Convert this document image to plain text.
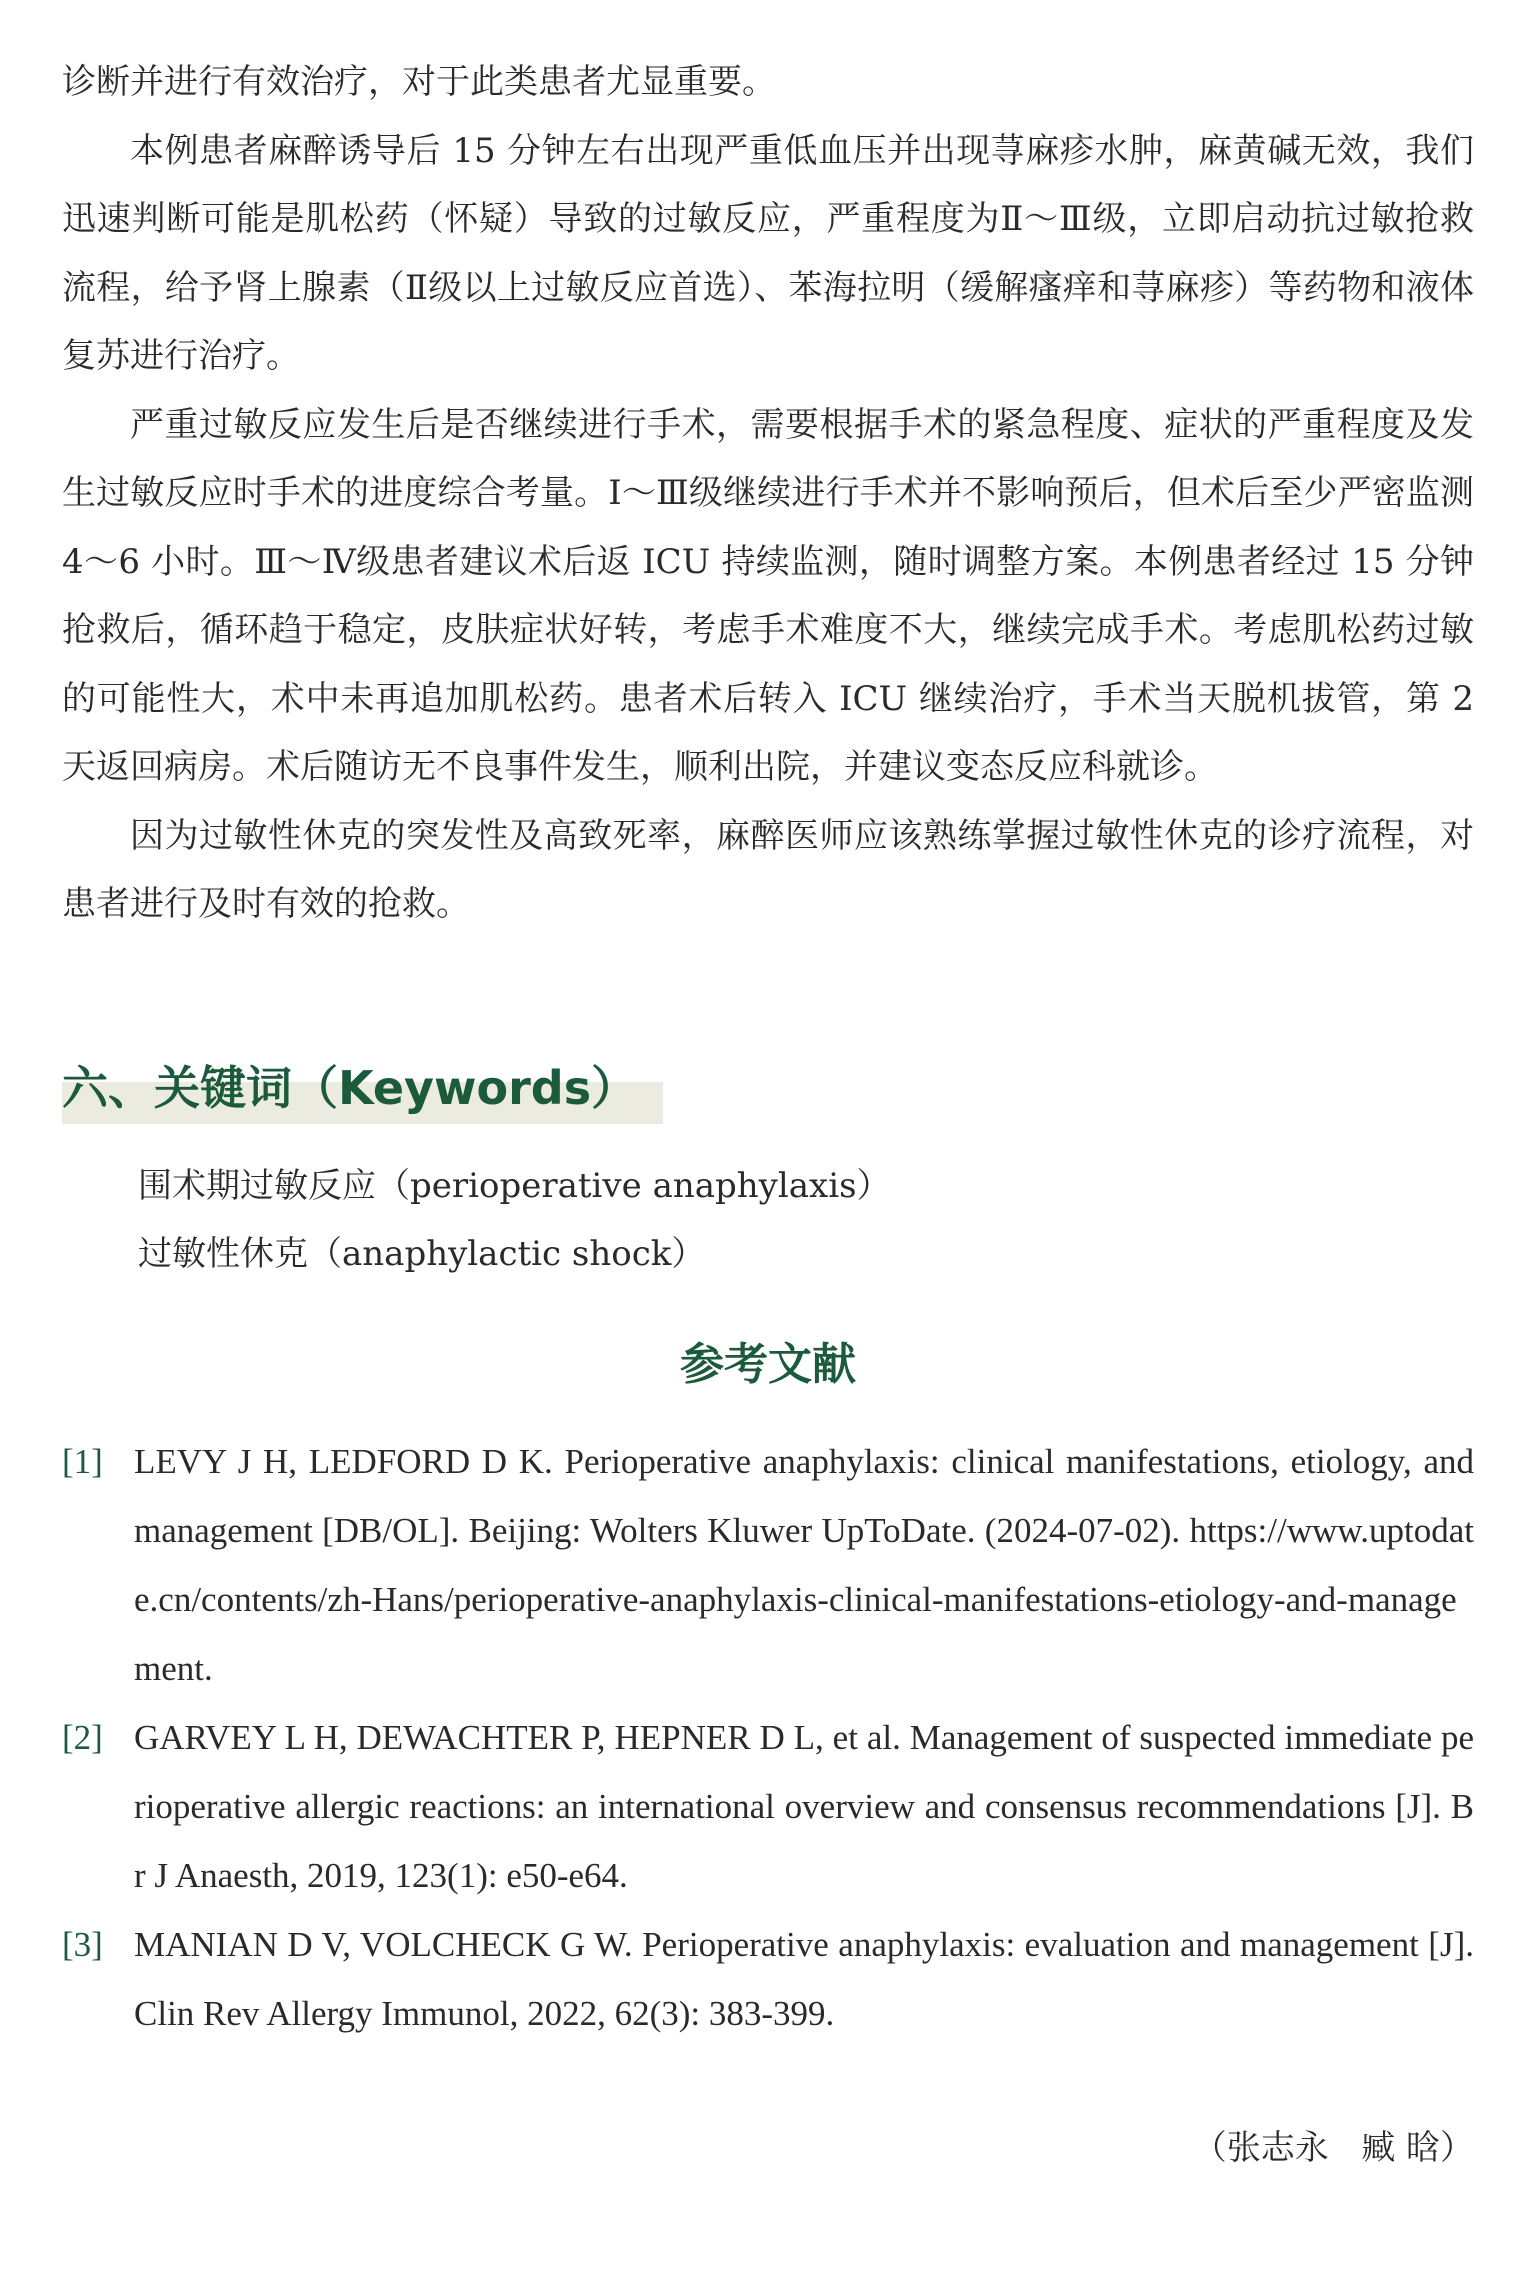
诊断并进行有效治疗，对于此类患者尤显重要。

本例患者麻醉诱导后 15 分钟左右出现严重低血压并出现荨麻疹水肿，麻黄碱无效，我们迅速判断可能是肌松药（怀疑）导致的过敏反应，严重程度为Ⅱ～Ⅲ级，立即启动抗过敏抢救流程，给予肾上腺素（Ⅱ级以上过敏反应首选）、苯海拉明（缓解瘙痒和荨麻疹）等药物和液体复苏进行治疗。

严重过敏反应发生后是否继续进行手术，需要根据手术的紧急程度、症状的严重程度及发生过敏反应时手术的进度综合考量。Ⅰ～Ⅲ级继续进行手术并不影响预后，但术后至少严密监测 4～6 小时。Ⅲ～Ⅳ级患者建议术后返 ICU 持续监测，随时调整方案。本例患者经过 15 分钟抢救后，循环趋于稳定，皮肤症状好转，考虑手术难度不大，继续完成手术。考虑肌松药过敏的可能性大，术中未再追加肌松药。患者术后转入 ICU 继续治疗，手术当天脱机拔管，第 2 天返回病房。术后随访无不良事件发生，顺利出院，并建议变态反应科就诊。

因为过敏性休克的突发性及高致死率，麻醉医师应该熟练掌握过敏性休克的诊疗流程，对患者进行及时有效的抢救。

六、关键词（Keywords）

围术期过敏反应（perioperative anaphylaxis）

过敏性休克（anaphylactic shock）

参考文献
[1] LEVY J H, LEDFORD D K. Perioperative anaphylaxis: clinical manifestations, etiology, and management [DB/OL]. Beijing: Wolters Kluwer UpToDate. (2024-07-02). https://www.uptodate.cn/contents/zh-Hans/perioperative-anaphylaxis-clinical-manifestations-etiology-and-management.
[2] GARVEY L H, DEWACHTER P, HEPNER D L, et al. Management of suspected immediate perioperative allergic reactions: an international overview and consensus recommendations [J]. Br J Anaesth, 2019, 123(1): e50-e64.
[3] MANIAN D V, VOLCHECK G W. Perioperative anaphylaxis: evaluation and management [J]. Clin Rev Allergy Immunol, 2022, 62(3): 383-399.
（张志永   臧 晗）
